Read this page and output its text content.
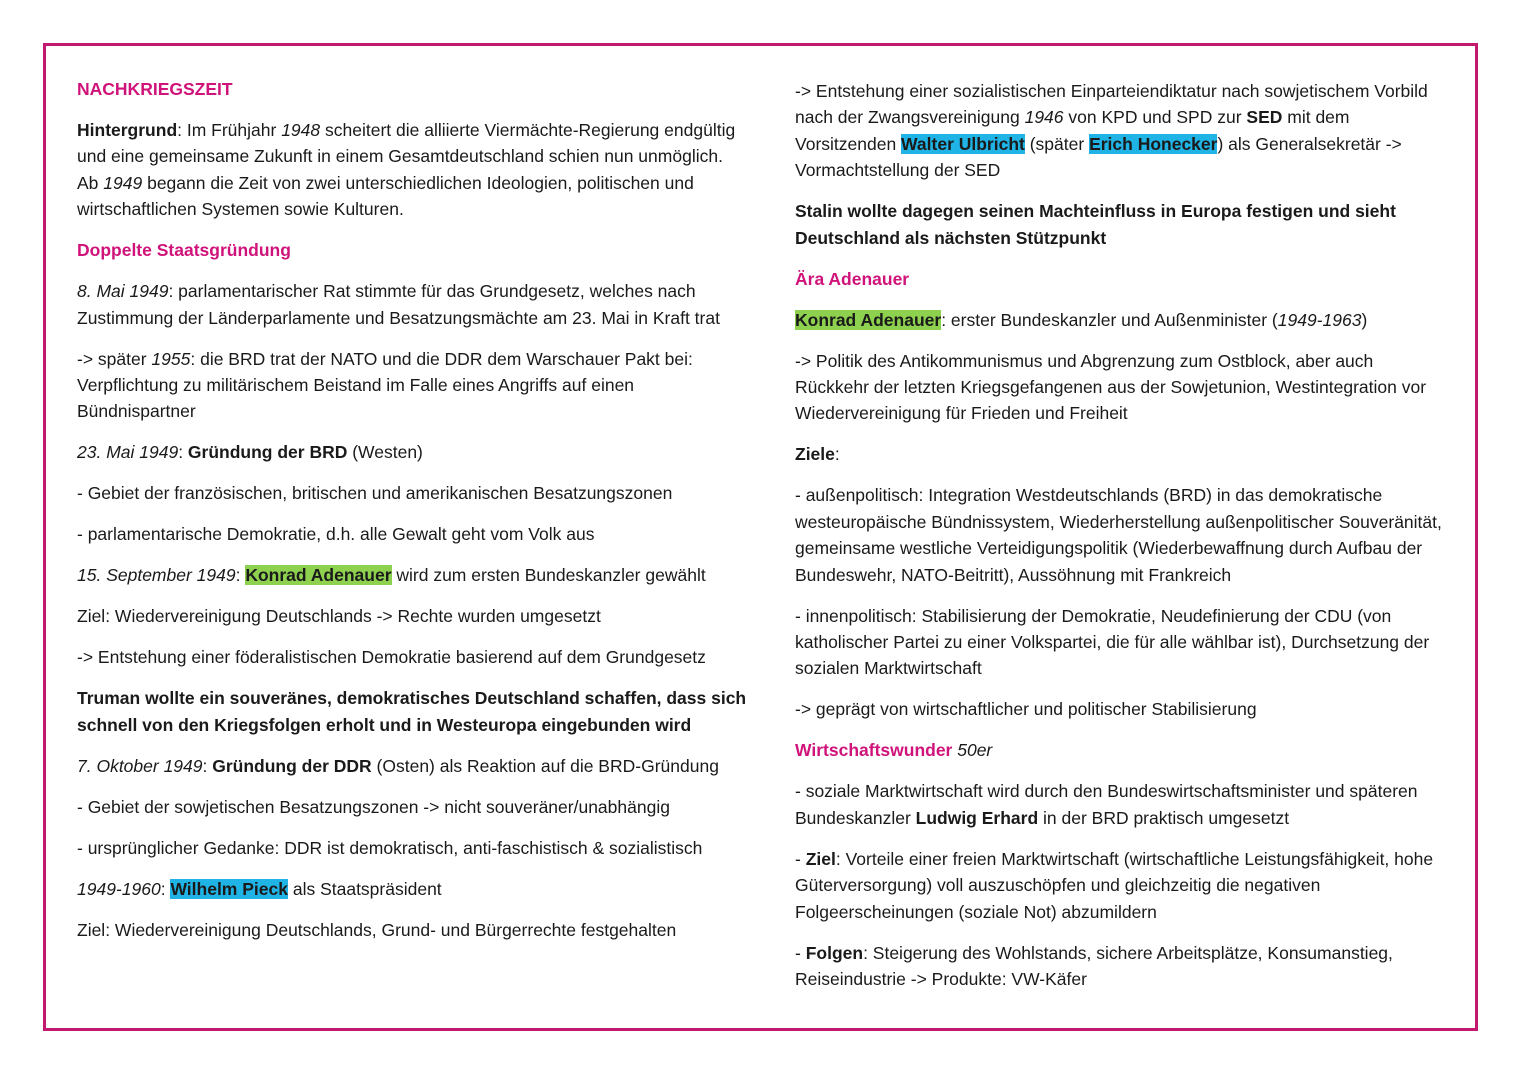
NACHKRIEGSZEIT

Hintergrund: Im Frühjahr 1948 scheitert die alliierte Viermächte-Regierung endgültig und eine gemeinsame Zukunft in einem Gesamtdeutschland schien nun unmöglich. Ab 1949 begann die Zeit von zwei unterschiedlichen Ideologien, politischen und wirtschaftlichen Systemen sowie Kulturen.

Doppelte Staatsgründung

8. Mai 1949: parlamentarischer Rat stimmte für das Grundgesetz, welches nach Zustimmung der Länderparlamente und Besatzungsmächte am 23. Mai in Kraft trat

-> später 1955: die BRD trat der NATO und die DDR dem Warschauer Pakt bei: Verpflichtung zu militärischem Beistand im Falle eines Angriffs auf einen Bündnispartner

23. Mai 1949: Gründung der BRD (Westen)

- Gebiet der französischen, britischen und amerikanischen Besatzungszonen

- parlamentarische Demokratie, d.h. alle Gewalt geht vom Volk aus

15. September 1949: Konrad Adenauer wird zum ersten Bundeskanzler gewählt

Ziel: Wiedervereinigung Deutschlands -> Rechte wurden umgesetzt

-> Entstehung einer föderalistischen Demokratie basierend auf dem Grundgesetz

Truman wollte ein souveränes, demokratisches Deutschland schaffen, dass sich schnell von den Kriegsfolgen erholt und in Westeuropa eingebunden wird

7. Oktober 1949: Gründung der DDR (Osten) als Reaktion auf die BRD-Gründung

- Gebiet der sowjetischen Besatzungszonen -> nicht souveräner/unabhängig

- ursprünglicher Gedanke: DDR ist demokratisch, anti-faschistisch & sozialistisch

1949-1960: Wilhelm Pieck als Staatspräsident

Ziel: Wiedervereinigung Deutschlands, Grund- und Bürgerrechte festgehalten

-> Entstehung einer sozialistischen Einparteiendiktatur nach sowjetischem Vorbild nach der Zwangsvereinigung 1946 von KPD und SPD zur SED mit dem Vorsitzenden Walter Ulbricht (später Erich Honecker) als Generalsekretär -> Vormachtstellung der SED

Stalin wollte dagegen seinen Machteinfluss in Europa festigen und sieht Deutschland als nächsten Stützpunkt

Ära Adenauer

Konrad Adenauer: erster Bundeskanzler und Außenminister (1949-1963)

-> Politik des Antikommunismus und Abgrenzung zum Ostblock, aber auch Rückkehr der letzten Kriegsgefangenen aus der Sowjetunion, Westintegration vor Wiedervereinigung für Frieden und Freiheit

Ziele:

- außenpolitisch: Integration Westdeutschlands (BRD) in das demokratische westeuropäische Bündnissystem, Wiederherstellung außenpolitischer Souveränität, gemeinsame westliche Verteidigungspolitik (Wiederbewaffnung durch Aufbau der Bundeswehr, NATO-Beitritt), Aussöhnung mit Frankreich

- innenpolitisch: Stabilisierung der Demokratie, Neudefinierung der CDU (von katholischer Partei zu einer Volkspartei, die für alle wählbar ist), Durchsetzung der sozialen Marktwirtschaft

-> geprägt von wirtschaftlicher und politischer Stabilisierung

Wirtschaftswunder 50er

- soziale Marktwirtschaft wird durch den Bundeswirtschaftsminister und späteren Bundeskanzler Ludwig Erhard in der BRD praktisch umgesetzt

- Ziel: Vorteile einer freien Marktwirtschaft (wirtschaftliche Leistungsfähigkeit, hohe Güterversorgung) voll auszuschöpfen und gleichzeitig die negativen Folgeerscheinungen (soziale Not) abzumildern

- Folgen: Steigerung des Wohlstands, sichere Arbeitsplätze, Konsumanstieg, Reiseindustrie -> Produkte: VW-Käfer
